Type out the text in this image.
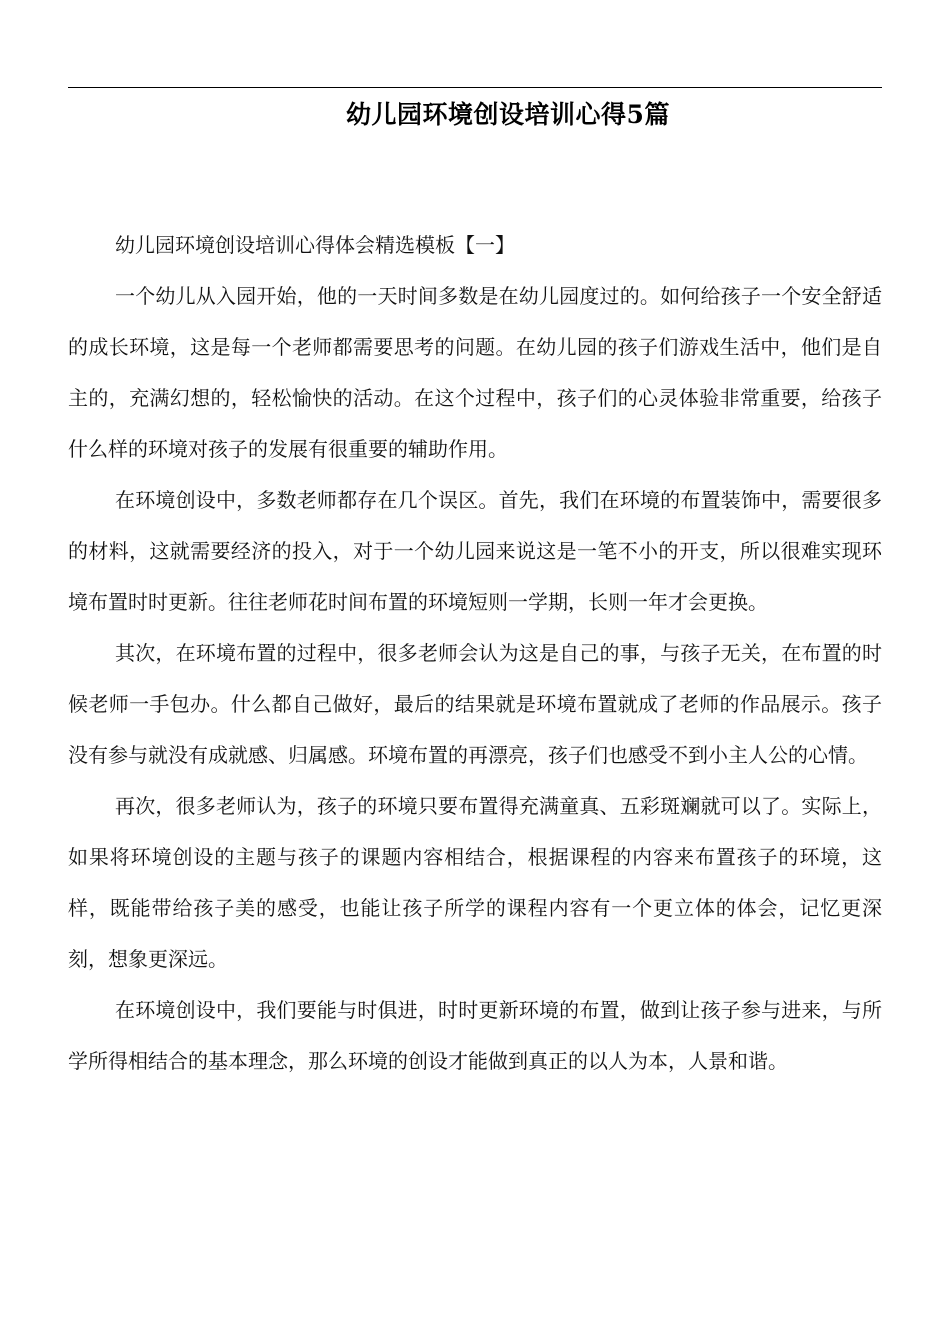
幼儿园环境创设培训心得5篇

幼儿园环境创设培训心得体会精选模板【一】

一个幼儿从入园开始，他的一天时间多数是在幼儿园度过的。如何给孩子一个安全舒适的成长环境，这是每一个老师都需要思考的问题。在幼儿园的孩子们游戏生活中，他们是自主的，充满幻想的，轻松愉快的活动。在这个过程中，孩子们的心灵体验非常重要，给孩子什么样的环境对孩子的发展有很重要的辅助作用。

在环境创设中，多数老师都存在几个误区。首先，我们在环境的布置装饰中，需要很多的材料，这就需要经济的投入，对于一个幼儿园来说这是一笔不小的开支，所以很难实现环境布置时时更新。往往老师花时间布置的环境短则一学期，长则一年才会更换。

其次，在环境布置的过程中，很多老师会认为这是自己的事，与孩子无关，在布置的时候老师一手包办。什么都自己做好，最后的结果就是环境布置就成了老师的作品展示。孩子没有参与就没有成就感、归属感。环境布置的再漂亮，孩子们也感受不到小主人公的心情。

再次，很多老师认为，孩子的环境只要布置得充满童真、五彩斑斓就可以了。实际上，如果将环境创设的主题与孩子的课题内容相结合，根据课程的内容来布置孩子的环境，这样，既能带给孩子美的感受，也能让孩子所学的课程内容有一个更立体的体会，记忆更深刻，想象更深远。

在环境创设中，我们要能与时俱进，时时更新环境的布置，做到让孩子参与进来，与所学所得相结合的基本理念，那么环境的创设才能做到真正的以人为本，人景和谐。
